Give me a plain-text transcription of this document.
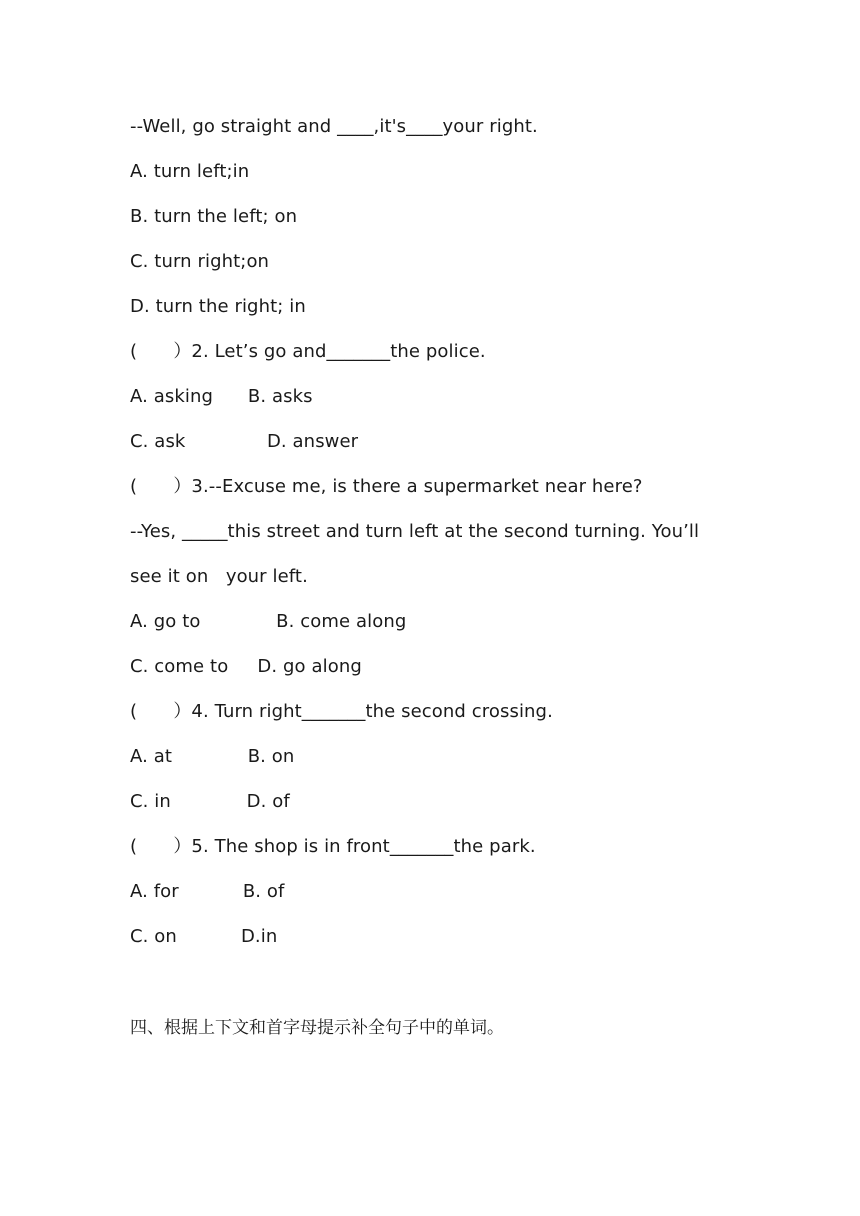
--Well, go straight and ____,it's____your right.
A. turn left;in
B. turn the left; on
C. turn right;on
D. turn the right; in
(　　）2. Let’s go and_______the police.
A. asking      B. asks
C. ask              D. answer
(　　）3.--Excuse me, is there a supermarket near here?
--Yes, _____this street and turn left at the second turning. You’ll
see it on   your left.
A. go to             B. come along
C. come to     D. go along
(　　）4. Turn right_______the second crossing.
A. at             B. on
C. in             D. of
(　　）5. The shop is in front_______the park.
A. for           B. of
C. on           D.in
四、根据上下文和首字母提示补全句子中的单词。
